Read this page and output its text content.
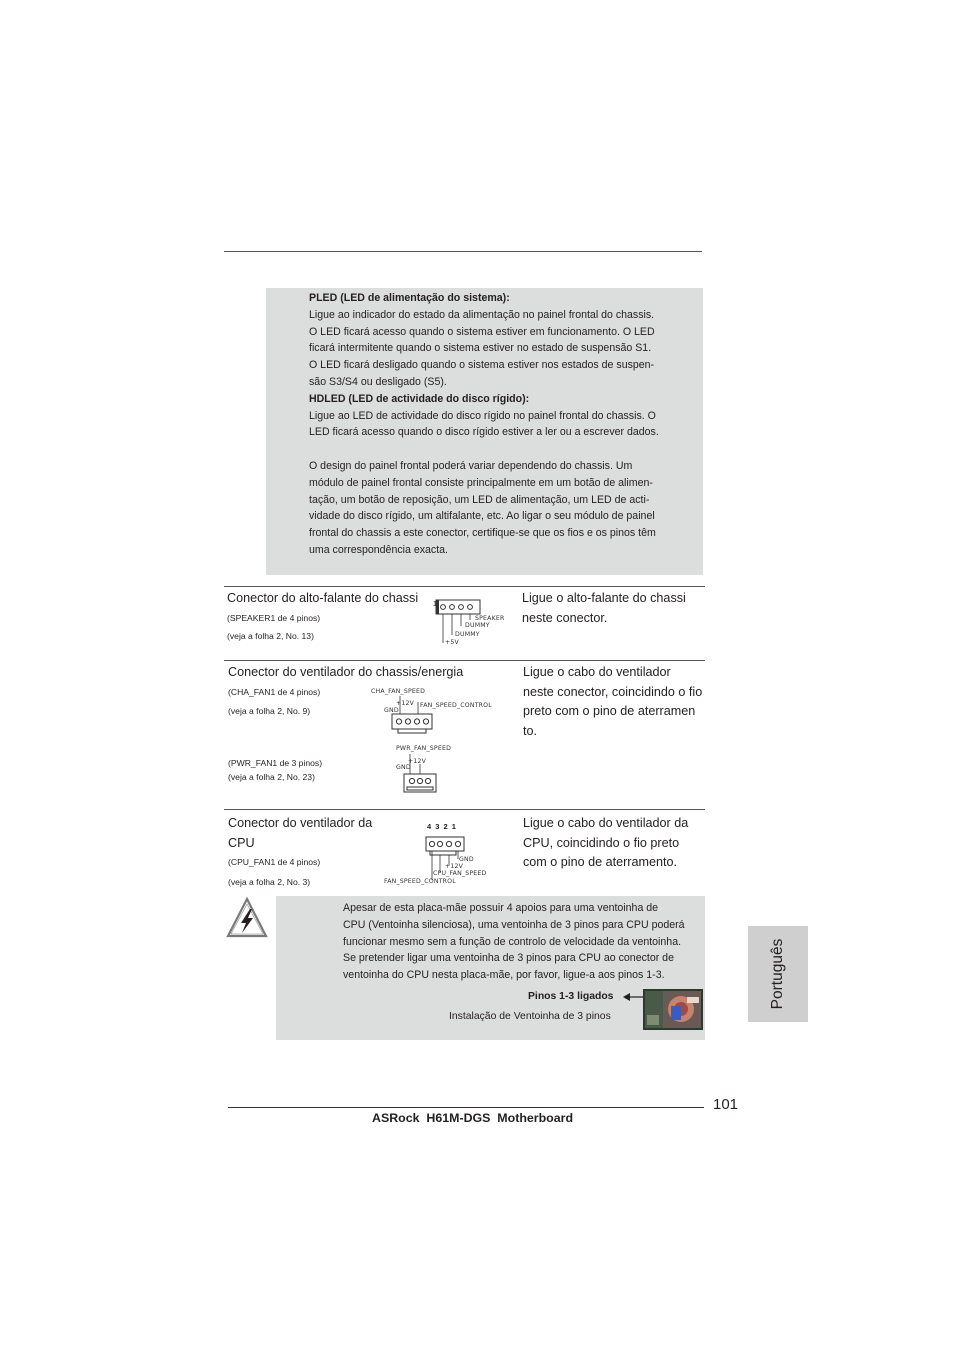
PLED (LED de alimentação do sistema):
Ligue ao indicador do estado da alimentação no painel frontal do chassis.
O LED ficará acesso quando o sistema estiver em funcionamento. O LED
ficará intermitente quando o sistema estiver no estado de suspensão S1.
O LED ficará desligado quando o sistema estiver nos estados de suspen-
são S3/S4 ou desligado (S5).
HDLED (LED de actividade do disco rígido):
Ligue ao LED de actividade do disco rígido no painel frontal do chassis. O
LED ficará acesso quando o disco rígido estiver a ler ou a escrever dados.
O design do painel frontal poderá variar dependendo do chassis. Um
módulo de painel frontal consiste principalmente em um botão de alimen-
tação, um botão de reposição, um LED de alimentação, um LED de acti-
vidade do disco rígido, um altifalante, etc. Ao ligar o seu módulo de painel
frontal do chassis a este conector, certifique-se que os fios e os pinos têm
uma correspondência exacta.
Conector do alto-falante do chassi
(SPEAKER1 de 4 pinos)
(veja a folha 2, No. 13)
Ligue o alto-falante do chassi
neste conector.
1
SPEAKER
DUMMY
DUMMY
+5V
Conector do ventilador do chassis/energia
(CHA_FAN1 de 4 pinos)
(veja a folha 2, No. 9)
(PWR_FAN1 de 3 pinos)
(veja a folha 2, No. 23)
Ligue o cabo do ventilador
neste conector, coincidindo o fio
preto com o pino de aterramen
to.
CHA_FAN_SPEED
+12V FAN_SPEED_CONTROL
GND
PWR_FAN_SPEED
+12V
GND
Conector do ventilador da
CPU
(CPU_FAN1 de 4 pinos)
(veja a folha 2, No. 3)
Ligue o cabo do ventilador da
CPU, coincidindo o fio preto
com o pino de aterramento.
4 3 2 1
GND
+12V
CPU_FAN_SPEED
FAN_SPEED_CONTROL
Apesar de esta placa-mãe possuir 4 apoios para uma ventoinha de
CPU (Ventoinha silenciosa), uma ventoinha de 3 pinos para CPU poderá
funcionar mesmo sem a função de controlo de velocidade da ventoinha.
Se pretender ligar uma ventoinha de 3 pinos para CPU ao conector de
ventoinha do CPU nesta placa-mãe, por favor, ligue-a aos pinos 1-3.
Pinos 1-3 ligados
Instalação de Ventoinha de 3 pinos
Português
101
ASRock  H61M-DGS  Motherboard
